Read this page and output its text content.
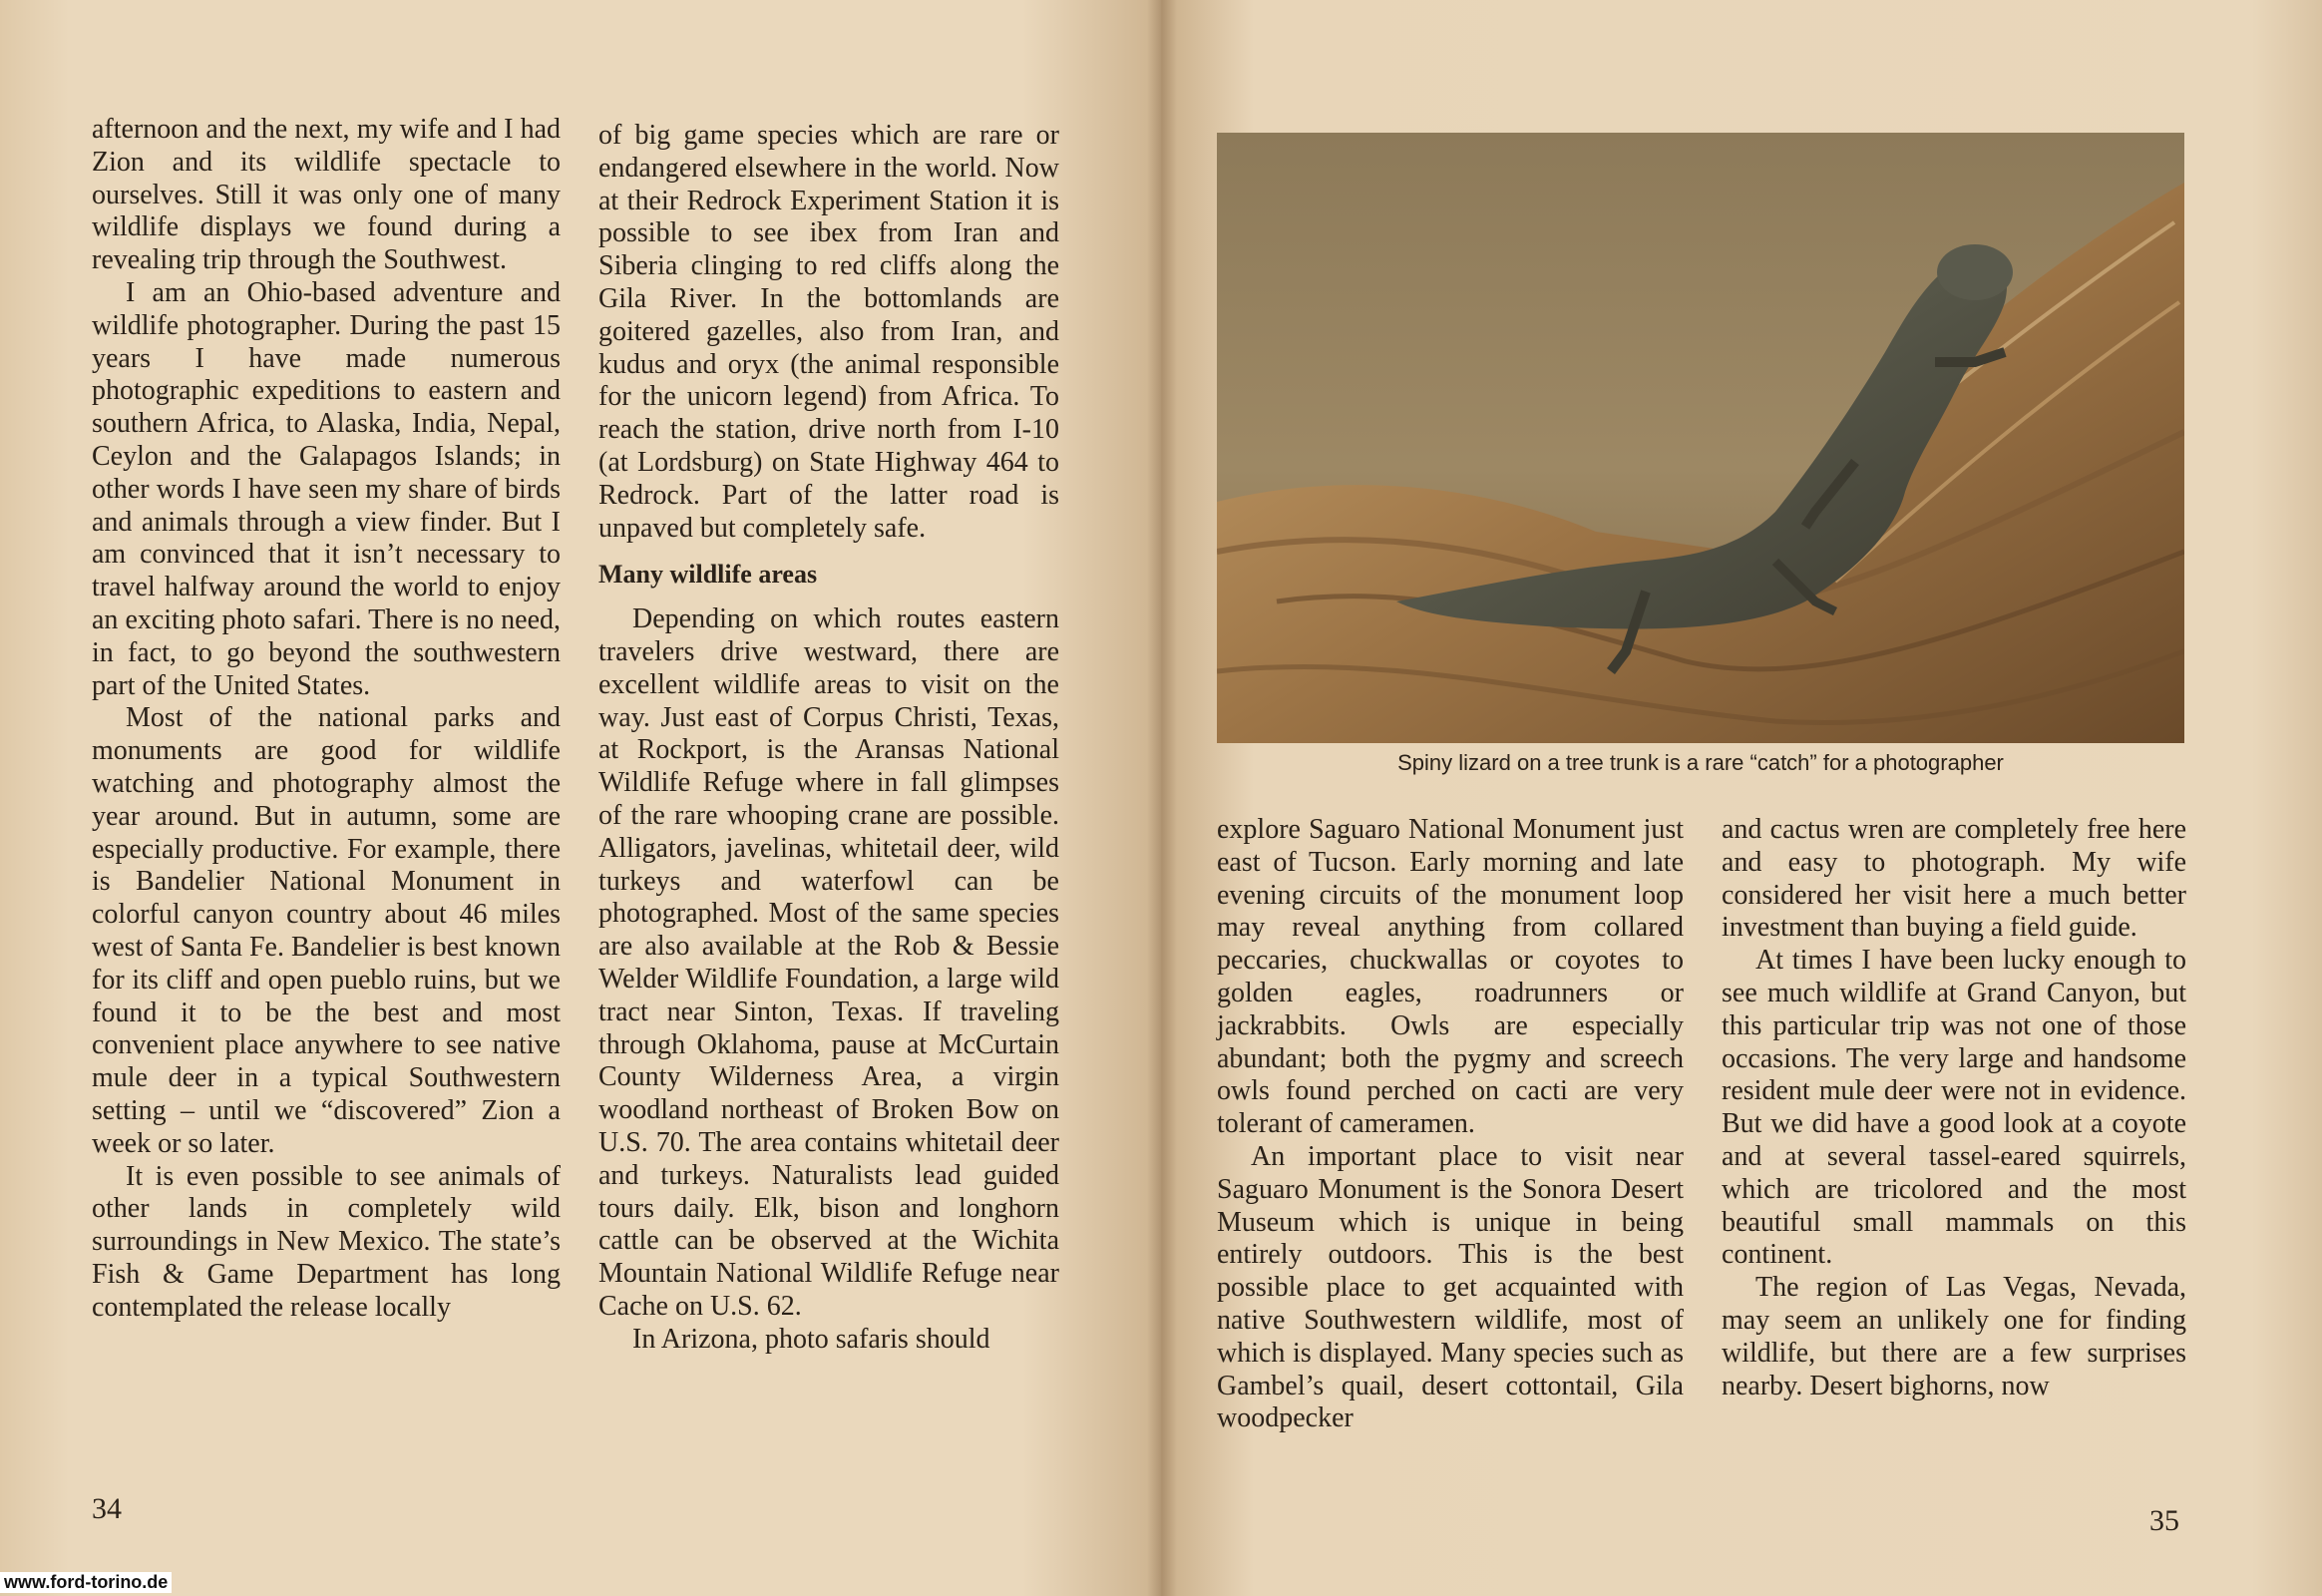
afternoon and the next, my wife and I had Zion and its wildlife spectacle to ourselves. Still it was only one of many wildlife displays we found during a revealing trip through the Southwest.

I am an Ohio-based adventure and wildlife photographer. During the past 15 years I have made numerous photographic expeditions to eastern and southern Africa, to Alaska, India, Nepal, Ceylon and the Galapagos Islands; in other words I have seen my share of birds and animals through a view finder. But I am convinced that it isn’t necessary to travel halfway around the world to enjoy an exciting photo safari. There is no need, in fact, to go beyond the southwestern part of the United States.

Most of the national parks and monuments are good for wildlife watching and photography almost the year around. But in autumn, some are especially productive. For example, there is Bandelier National Monument in colorful canyon country about 46 miles west of Santa Fe. Bandelier is best known for its cliff and open pueblo ruins, but we found it to be the best and most convenient place anywhere to see native mule deer in a typical Southwestern setting – until we “discovered” Zion a week or so later.

It is even possible to see animals of other lands in completely wild surroundings in New Mexico. The state’s Fish & Game Department has long contemplated the release locally

of big game species which are rare or endangered elsewhere in the world. Now at their Redrock Experiment Station it is possible to see ibex from Iran and Siberia clinging to red cliffs along the Gila River. In the bottomlands are goitered gazelles, also from Iran, and kudus and oryx (the animal responsible for the unicorn legend) from Africa. To reach the station, drive north from I-10 (at Lordsburg) on State Highway 464 to Redrock. Part of the latter road is unpaved but completely safe.

Many wildlife areas

Depending on which routes eastern travelers drive westward, there are excellent wildlife areas to visit on the way. Just east of Corpus Christi, Texas, at Rockport, is the Aransas National Wildlife Refuge where in fall glimpses of the rare whooping crane are possible. Alligators, javelinas, whitetail deer, wild turkeys and waterfowl can be photographed. Most of the same species are also available at the Rob & Bessie Welder Wildlife Foundation, a large wild tract near Sinton, Texas. If traveling through Oklahoma, pause at McCurtain County Wilderness Area, a virgin woodland northeast of Broken Bow on U.S. 70. The area contains whitetail deer and turkeys. Naturalists lead guided tours daily. Elk, bison and longhorn cattle can be observed at the Wichita Mountain National Wildlife Refuge near Cache on U.S. 62.

In Arizona, photo safaris should

34
Spiny lizard on a tree trunk is a rare “catch” for a photographer

explore Saguaro National Monument just east of Tucson. Early morning and late evening circuits of the monument loop may reveal anything from collared peccaries, chuckwallas or coyotes to golden eagles, roadrunners or jackrabbits. Owls are especially abundant; both the pygmy and screech owls found perched on cacti are very tolerant of cameramen.

An important place to visit near Saguaro Monument is the Sonora Desert Museum which is unique in being entirely outdoors. This is the best possible place to get acquainted with native Southwestern wildlife, most of which is displayed. Many species such as Gambel’s quail, desert cottontail, Gila woodpecker

and cactus wren are completely free here and easy to photograph. My wife considered her visit here a much better investment than buying a field guide.

At times I have been lucky enough to see much wildlife at Grand Canyon, but this particular trip was not one of those occasions. The very large and handsome resident mule deer were not in evidence. But we did have a good look at a coyote and at several tassel-eared squirrels, which are tricolored and the most beautiful small mammals on this continent.

The region of Las Vegas, Nevada, may seem an unlikely one for finding wildlife, but there are a few surprises nearby. Desert bighorns, now

35
www.ford-torino.de
